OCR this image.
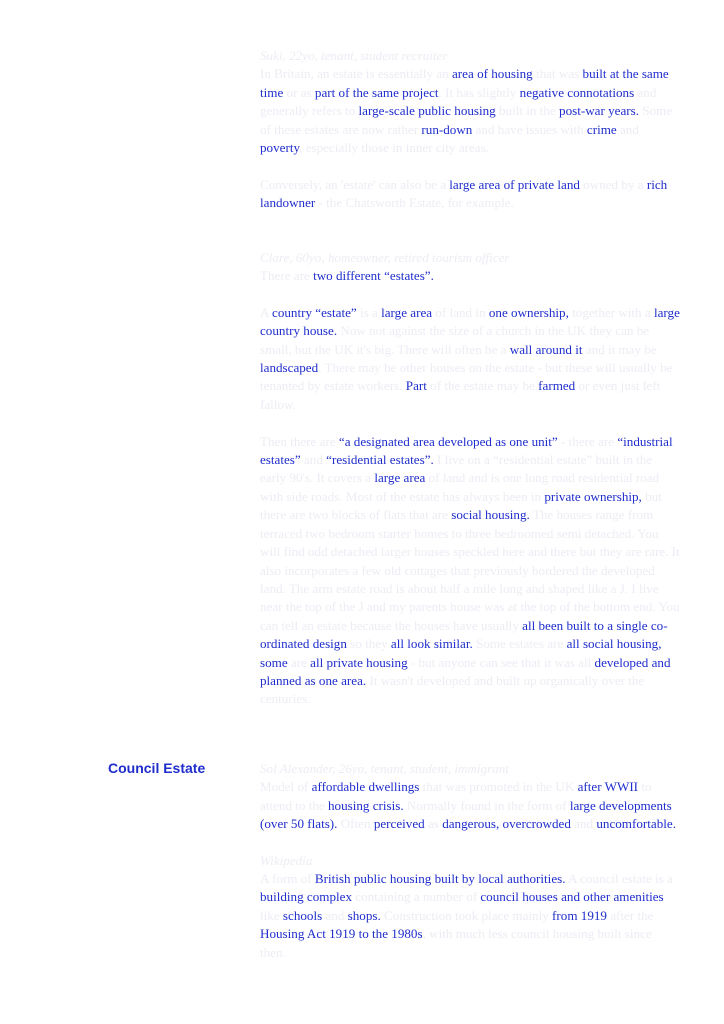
Suki, 22yo, tenant, student recruiter

In Britain, an estate is essentially an area of housing that was built at the same time or as part of the same project. It has slightly negative connotations and generally refers to large-scale public housing built in the post-war years. Some of these estates are now rather run-down and have issues with crime and poverty, especially those in inner city areas.

Conversely, an 'estate' can also be a large area of private land owned by a rich landowner - the Chatsworth Estate, for example.

Clare, 60yo, homeowner, retired tourism officer

There are two different “estates”.

A country “estate” is a large area of land in one ownership, together with a large country house. Now not against the size of a church in the UK they can be small, but the UK it's big. There will often be a wall around it and it may be landscaped. There may be other houses on the estate - but these will usually be tenanted by estate workers. Part of the estate may be farmed or even just left fallow.

Then there are “a designated area developed as one unit” - there are “industrial estates” and “residential estates”. I live on a “residential estate” built in the early 90's. It covers a large area of land and is one long road residential road with side roads. Most of the estate has always been in private ownership, but there are two blocks of flats that are social housing. The houses range from terraced two bedroom starter homes to three bedroomed semi detached. You will find odd detached larger houses speckled here and there but they are rare. It also incorporates a few old cottages that previously bordered the developed land. The arm estate road is about half a mile long and shaped like a J. I live near the top of the J and my parents house was at the top of the bottom end. You can tell an estate because the houses have usually all been built to a single co-ordinated design so they all look similar. Some estates are all social housing, some are all private housing - but anyone can see that it was all developed and planned as one area. It wasn't developed and built up organically over the centuries.

Council Estate	Sol Alexander, 26yo, tenant, student, immigrant

Model of affordable dwellings that was promoted in the UK after WWII to attend to the housing crisis. Normally found in the form of large developments (over 50 flats). Often perceived as dangerous, overcrowded and uncomfortable.

Wikipedia

A form of British public housing built by local authorities. A council estate is a building complex containing a number of council houses and other amenities like schools and shops. Construction took place mainly from 1919 after the Housing Act 1919 to the 1980s, with much less council housing built since then.
